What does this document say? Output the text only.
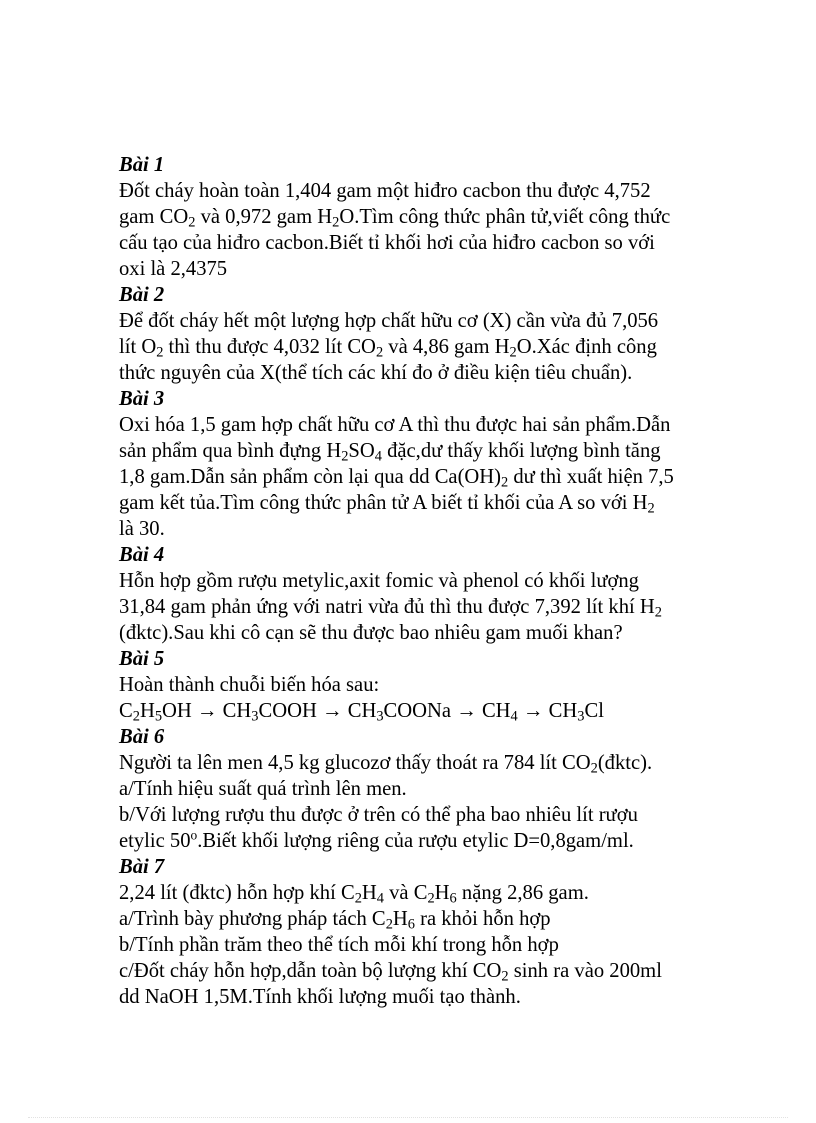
Bài 1

Đốt cháy hoàn toàn 1,404 gam một hiđro cacbon thu được 4,752
gam $CO_2$ và 0,972 gam $H_2O.Tìm$ công thức phân tử,viết công thức
cấu tạo của hiđro cacbon.Biết tỉ khối hơi của hiđro cacbon so với
oxi là 2,4375

Bài 2

Để đốt cháy hết một lượng hợp chất hữu cơ (X) cần vừa đủ 7,056
lít $O_2$ thì thu được 4,032 lít $CO_2$ và 4,86 gam $H_2O.Xác$ định công
thức nguyên của X(thể tích các khí đo ở điều kiện tiêu chuẩn).

Bài 3

Oxi hóa 1,5 gam hợp chất hữu cơ A thì thu được hai sản phẩm.Dẫn
sản phẩm qua bình đựng $H_2SO_4$ đặc,dư thấy khối lượng bình tăng
1,8 gam.Dẫn sản phẩm còn lại qua dd $Ca(OH)_2$ dư thì xuất hiện 7,5
gam kết tủa.Tìm công thức phân tử A biết tỉ khối của A so với $H_2$
là 30.

Bài 4

Hỗn hợp gồm rượu metylic,axit fomic và phenol có khối lượng
31,84 gam phản ứng với natri vừa đủ thì thu được 7,392 lít khí $H_2$
(đktc).Sau khi cô cạn sẽ thu được bao nhiêu gam muối khan?

Bài 5

Hoàn thành chuỗi biến hóa sau:
$C_2H_5OH$ → $CH_3COOH$ → $CH_3COONa \to CH_4 \to CH_3Cl$

Bài 6

Người ta lên men 4,5 kg glucozơ thấy thoát ra 784 lít $CO_2(đktc)$.
a/Tính hiệu suất quá trình lên men.
b/Với lượng rượu thu được ở trên có thể pha bao nhiêu lít rượu
etylic 50$^o$.Biết khối lượng riêng của rượu etylic D=0,8gam/ml.

Bài 7

2,24 lít (đktc) hỗn hợp khí $C_2H_4$ và $C_2H_6$ nặng 2,86 gam.
a/Trình bày phương pháp tách $C_2H_6$ ra khỏi hỗn hợp
b/Tính phần trăm theo thể tích mỗi khí trong hỗn hợp
c/Đốt cháy hỗn hợp,dẫn toàn bộ lượng khí $CO_2$ sinh ra vào 200ml
dd NaOH 1,5M.Tính khối lượng muối tạo thành.
